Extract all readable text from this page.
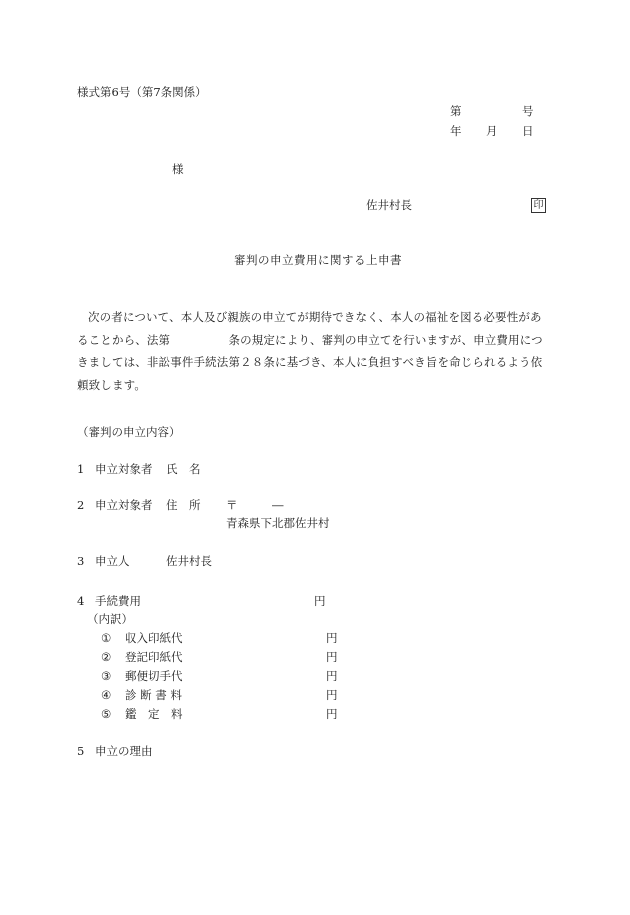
様式第6号（第7条関係）
第	号
年 月 日
様
佐井村長	印
審判の申立費用に関する上申書
次の者について、本人及び親族の申立てが期待できなく、本人の福祉を図る必要性があ
ることから、法第　　　　　条の規定により、審判の申立てを行いますが、申立費用につ
きましては、非訟事件手続法第２８条に基づき、本人に負担すべき旨を命じられるよう依
頼致します。
（審判の申立内容）
1 申立対象者 氏　名
2 申立対象者 住　所 〒	―
青森県下北郡佐井村
3 申立人	佐井村長
4 手続費用	円
（内訳）
① 収入印紙代	円
② 登記印紙代	円
③ 郵便切手代	円
④ 診 断 書 料	円
⑤ 鑑　定　料	円
5 申立の理由
